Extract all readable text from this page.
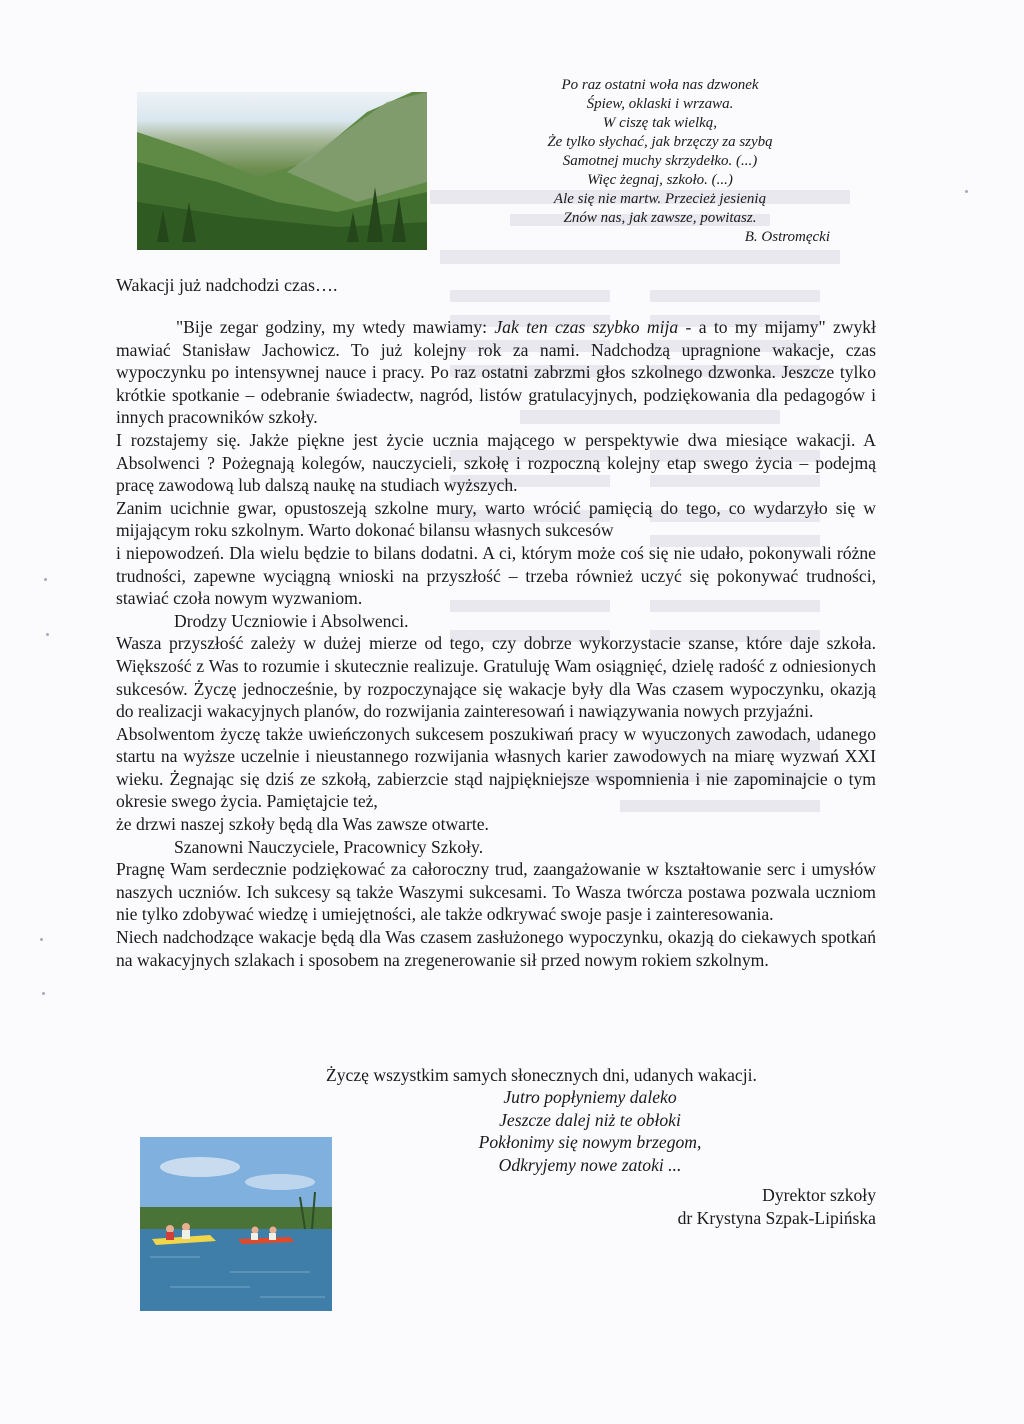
Po raz ostatni woła nas dzwonek
Śpiew, oklaski i wrzawa.
W ciszę tak wielką,
Że tylko słychać, jak brzęczy za szybą
Samotnej muchy skrzydełko. (...)
Więc żegnaj, szkoło. (...)
Ale się nie martw. Przecież jesienią
Znów nas, jak zawsze, powitasz.
B. Ostromęcki
Wakacji już nadchodzi czas….

"Bije zegar godziny, my wtedy mawiamy: Jak ten czas szybko mija - a to my mijamy" zwykł mawiać Stanisław Jachowicz. To już kolejny rok za nami. Nadchodzą upragnione wakacje, czas wypoczynku po intensywnej nauce i pracy. Po raz ostatni zabrzmi głos szkolnego dzwonka. Jeszcze tylko krótkie spotkanie – odebranie świadectw, nagród, listów gratulacyjnych, podziękowania dla pedagogów i innych pracowników szkoły.

I rozstajemy się. Jakże piękne jest życie ucznia mającego w perspektywie dwa miesiące wakacji. A Absolwenci ? Pożegnają kolegów, nauczycieli, szkołę i rozpoczną kolejny etap swego życia – podejmą pracę zawodową lub dalszą naukę na studiach wyższych.

Zanim ucichnie gwar, opustoszeją szkolne mury, warto wrócić pamięcią do tego, co wydarzyło się w mijającym roku szkolnym. Warto dokonać bilansu własnych sukcesów

i niepowodzeń. Dla wielu będzie to bilans dodatni. A ci, którym może coś się nie udało, pokonywali różne trudności, zapewne wyciągną wnioski na przyszłość – trzeba również uczyć się pokonywać trudności, stawiać czoła nowym wyzwaniom.

Drodzy Uczniowie i Absolwenci.

Wasza przyszłość zależy w dużej mierze od tego, czy dobrze wykorzystacie szanse, które daje szkoła. Większość z Was to rozumie i skutecznie realizuje. Gratuluję Wam osiągnięć, dzielę radość z odniesionych sukcesów. Życzę jednocześnie, by rozpoczynające się wakacje były dla Was czasem wypoczynku, okazją do realizacji wakacyjnych planów, do rozwijania zainteresowań i nawiązywania nowych przyjaźni.

Absolwentom życzę także uwieńczonych sukcesem poszukiwań pracy w wyuczonych zawodach, udanego startu na wyższe uczelnie i nieustannego rozwijania własnych karier zawodowych na miarę wyzwań XXI wieku. Żegnając się dziś ze szkołą, zabierzcie stąd najpiękniejsze wspomnienia i nie zapominajcie o tym okresie swego życia. Pamiętajcie też,

że drzwi naszej szkoły będą dla Was zawsze otwarte.

Szanowni Nauczyciele, Pracownicy Szkoły.

Pragnę Wam serdecznie podziękować za całoroczny trud, zaangażowanie w kształtowanie serc i umysłów naszych uczniów. Ich sukcesy są także Waszymi sukcesami. To Wasza twórcza postawa pozwala uczniom nie tylko zdobywać wiedzę i umiejętności, ale także odkrywać swoje pasje i zainteresowania.

Niech nadchodzące wakacje będą dla Was czasem zasłużonego wypoczynku, okazją do ciekawych spotkań na wakacyjnych szlakach i sposobem na zregenerowanie sił przed nowym rokiem szkolnym.

Życzę wszystkim samych słonecznych dni, udanych wakacji.
Jutro popłyniemy daleko
Jeszcze dalej niż te obłoki
Pokłonimy się nowym brzegom,
Odkryjemy nowe zatoki ...
Dyrektor szkoły
dr Krystyna Szpak-Lipińska
